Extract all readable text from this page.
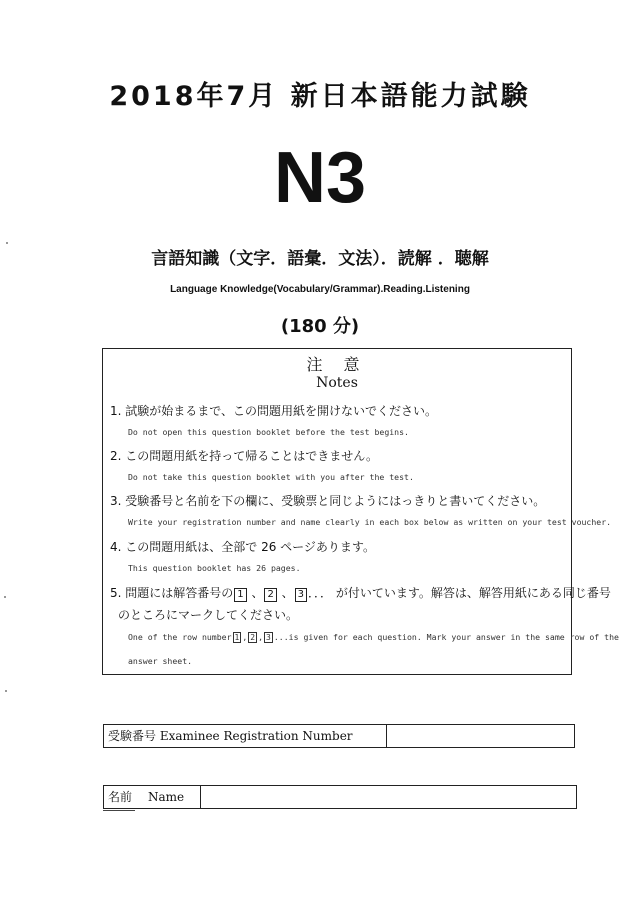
2018年7月 新日本語能力試験
N3
言語知識（文字．語彙．文法）．読解 ．聴解
Language Knowledge(Vocabulary/Grammar).Reading.Listening
(180 分)
注 意
Notes
1. 試験が始まるまで、この問題用紙を開けないでください。
Do not open this question booklet before the test begins.
2. この問題用紙を持って帰ることはできません。
Do not take this question booklet with you after the test.
3. 受験番号と名前を下の欄に、受験票と同じようにはっきりと書いてください。
Write your registration number and name clearly in each box below as written on your test voucher.
4. この問題用紙は、全部で 26 ページあります。
This question booklet has 26 pages.
5. 問題には解答番号の 1 、 2 、 3 ．．． が付いています。解答は、解答用紙にある同じ番号
のところにマークしてください。
One of the row number 1 , 2 , 3 ...is given for each question. Mark your answer in the same row of the
answer sheet.
受験番号 Examinee Registration Number
名前 Name
